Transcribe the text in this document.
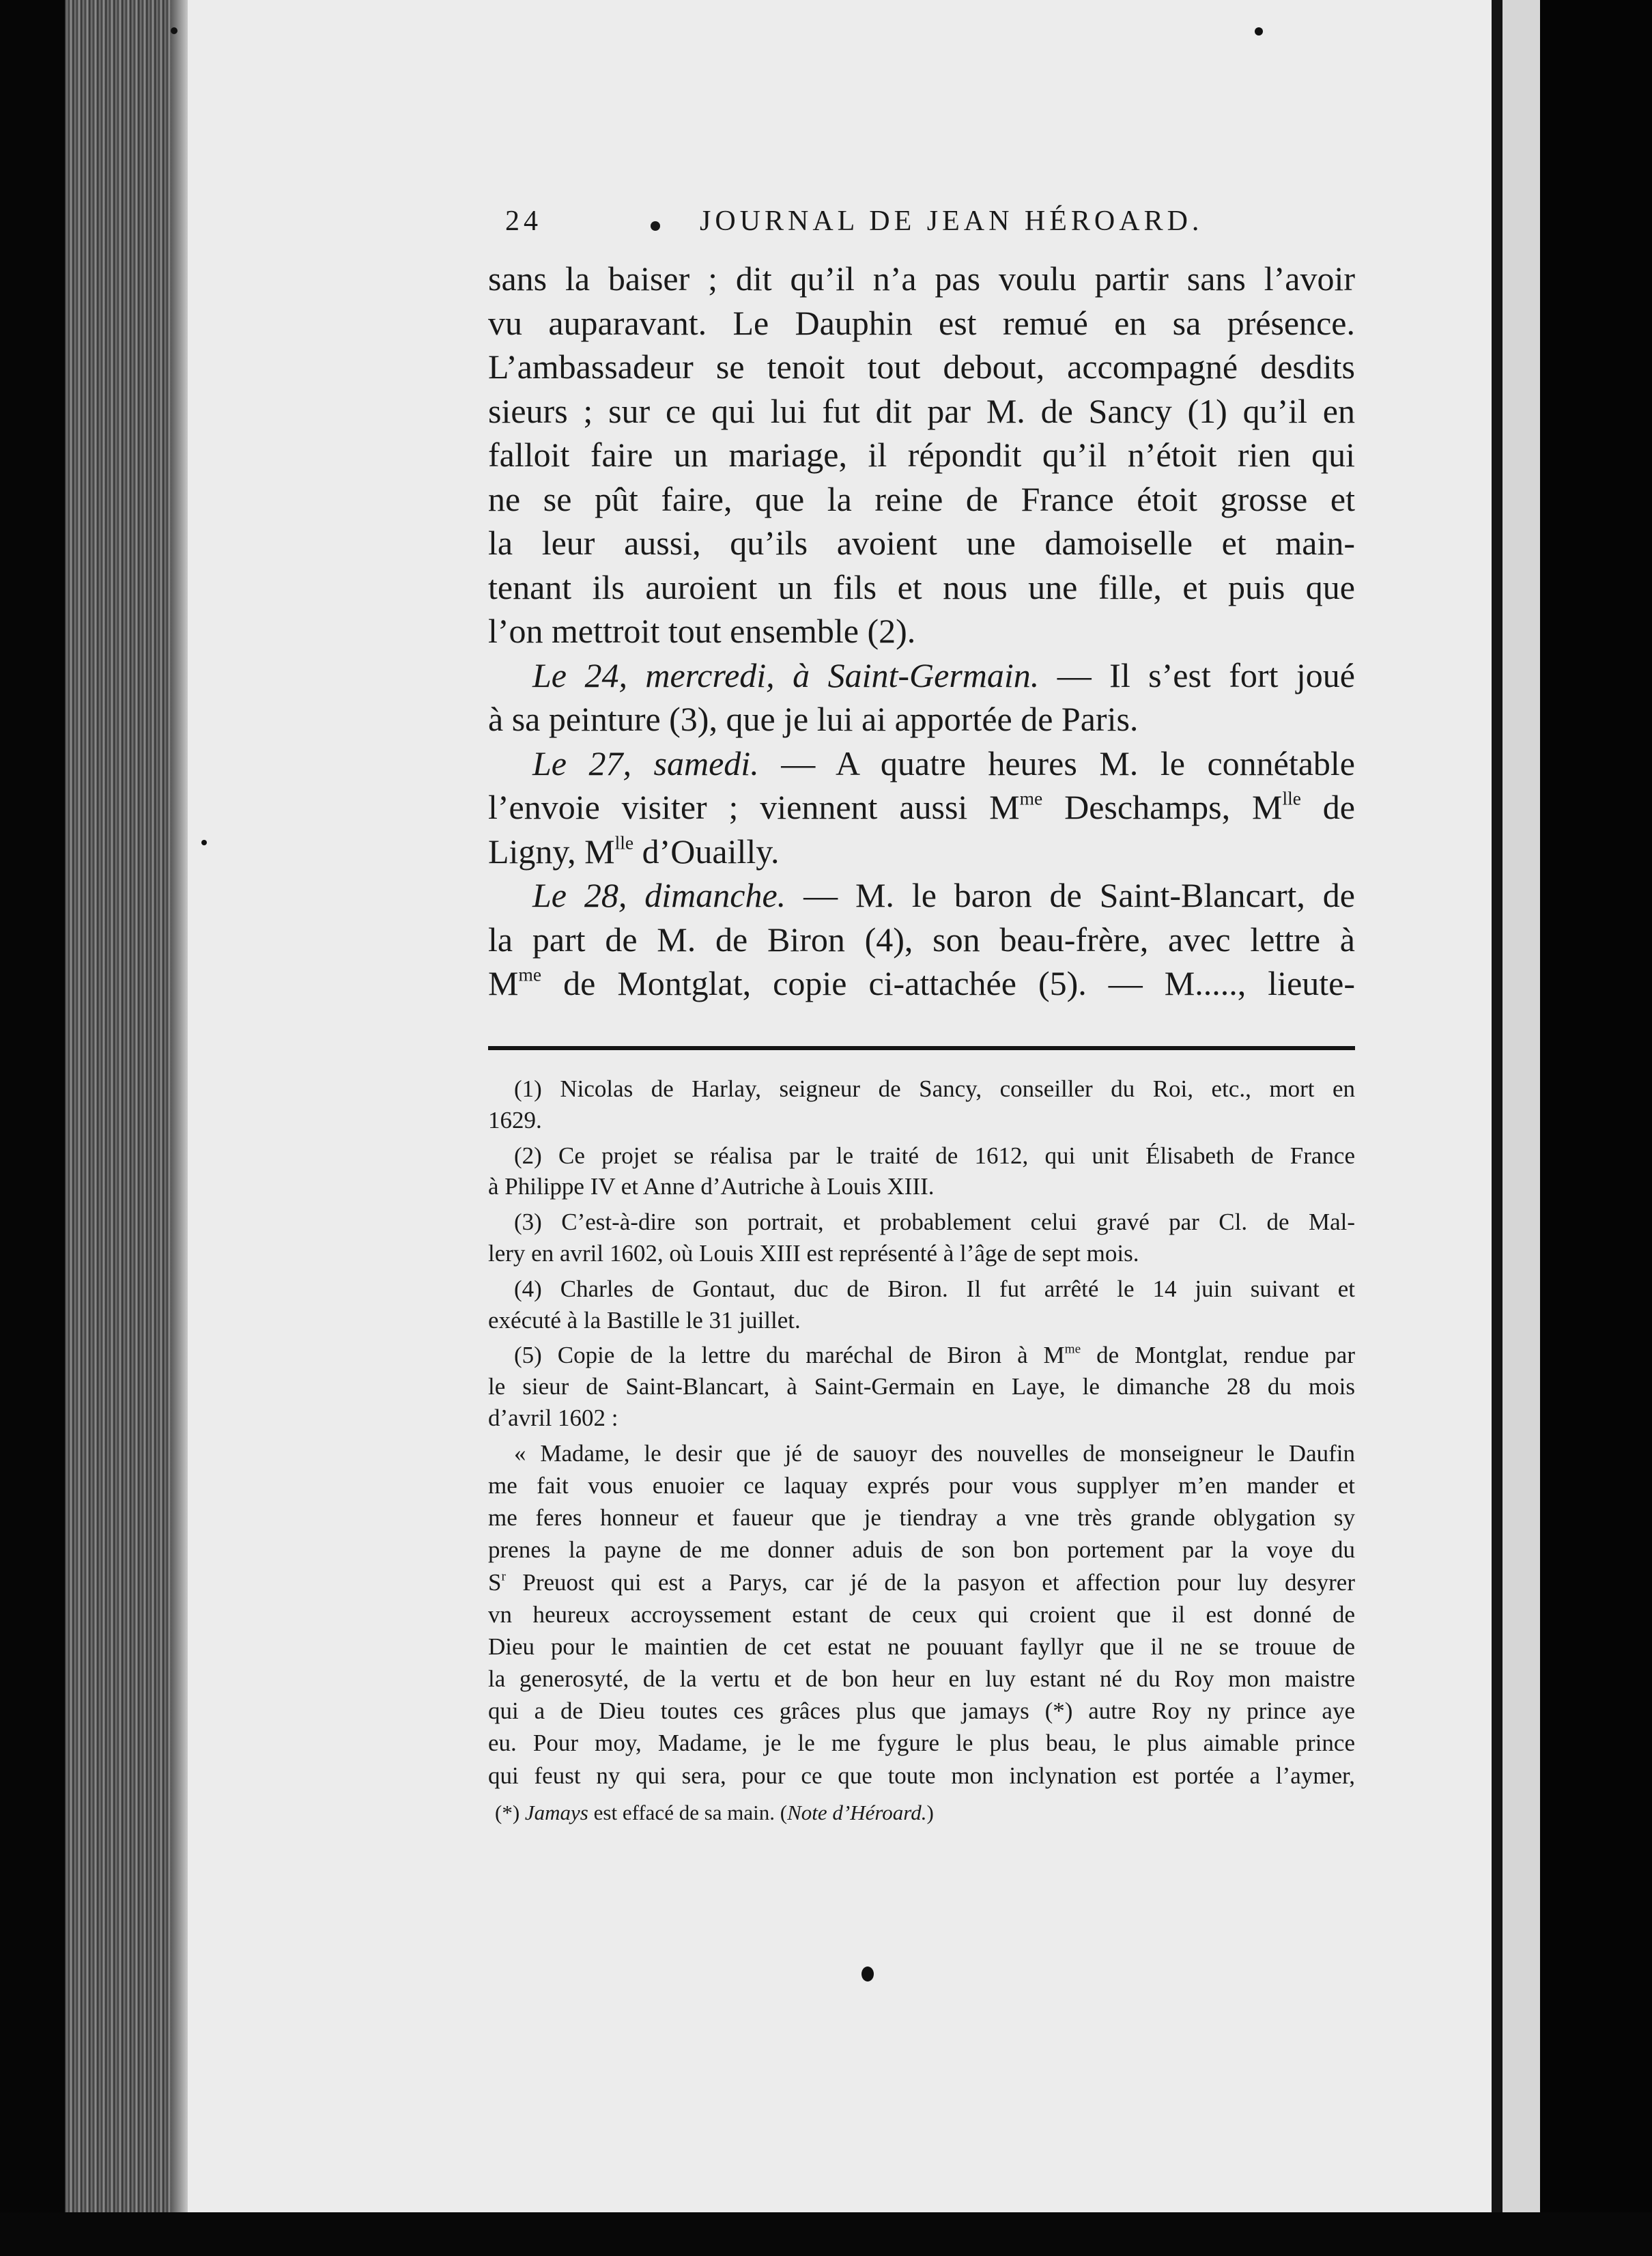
24	JOURNAL DE JEAN HÉROARD.
sans la baiser ; dit qu’il n’a pas voulu partir sans l’avoir
vu auparavant. Le Dauphin est remué en sa présence.
L’ambassadeur se tenoit tout debout, accompagné desdits
sieurs ; sur ce qui lui fut dit par M. de Sancy (1) qu’il en
falloit faire un mariage, il répondit qu’il n’étoit rien qui
ne se pût faire, que la reine de France étoit grosse et
la leur aussi, qu’ils avoient une damoiselle et main-
tenant ils auroient un fils et nous une fille, et puis que
l’on mettroit tout ensemble (2).
Le 24, mercredi, à Saint-Germain. — Il s’est fort joué
à sa peinture (3), que je lui ai apportée de Paris.
Le 27, samedi. — A quatre heures M. le connétable
l’envoie visiter ; viennent aussi $M^{me}$ Deschamps, $M^{lle}$ de
Ligny, $M^{lle}$ d’Ouailly.
Le 28, dimanche. — M. le baron de Saint-Blancart, de
la part de M. de Biron (4), son beau-frère, avec lettre à
$M^{me}$ de Montglat, copie ci-attachée (5). — M....., lieute-
(1) Nicolas de Harlay, seigneur de Sancy, conseiller du Roi, etc., mort en
1629.
(2) Ce projet se réalisa par le traité de 1612, qui unit Élisabeth de France
à Philippe IV et Anne d’Autriche à Louis XIII.
(3) C’est-à-dire son portrait, et probablement celui gravé par Cl. de Mal-
lery en avril 1602, où Louis XIII est représenté à l’âge de sept mois.
(4) Charles de Gontaut, duc de Biron. Il fut arrêté le 14 juin suivant et
exécuté à la Bastille le 31 juillet.
(5) Copie de la lettre du maréchal de Biron à $M^{me}$ de Montglat, rendue par
le sieur de Saint-Blancart, à Saint-Germain en Laye, le dimanche 28 du mois
d’avril 1602 :
« Madame, le desir que jé de sauoyr des nouvelles de monseigneur le Daufin
me fait vous enuoier ce laquay exprés pour vous supplyer m’en mander et
me feres honneur et faueur que je tiendray a vne très grande oblygation sy
prenes la payne de me donner aduis de son bon portement par la voye du
$S^r$ Preuost qui est a Parys, car jé de la pasyon et affection pour luy desyrer
vn heureux accroyssement estant de ceux qui croient que il est donné de
Dieu pour le maintien de cet estat ne pouuant fayllyr que il ne se trouue de
la generosyté, de la vertu et de bon heur en luy estant né du Roy mon maistre
qui a de Dieu toutes ces grâces plus que jamays (*) autre Roy ny prince aye
eu. Pour moy, Madame, je le me fygure le plus beau, le plus aimable prince
qui feust ny qui sera, pour ce que toute mon inclynation est portée a l’aymer,
(*) Jamays est effacé de sa main. (Note d’Héroard.)
